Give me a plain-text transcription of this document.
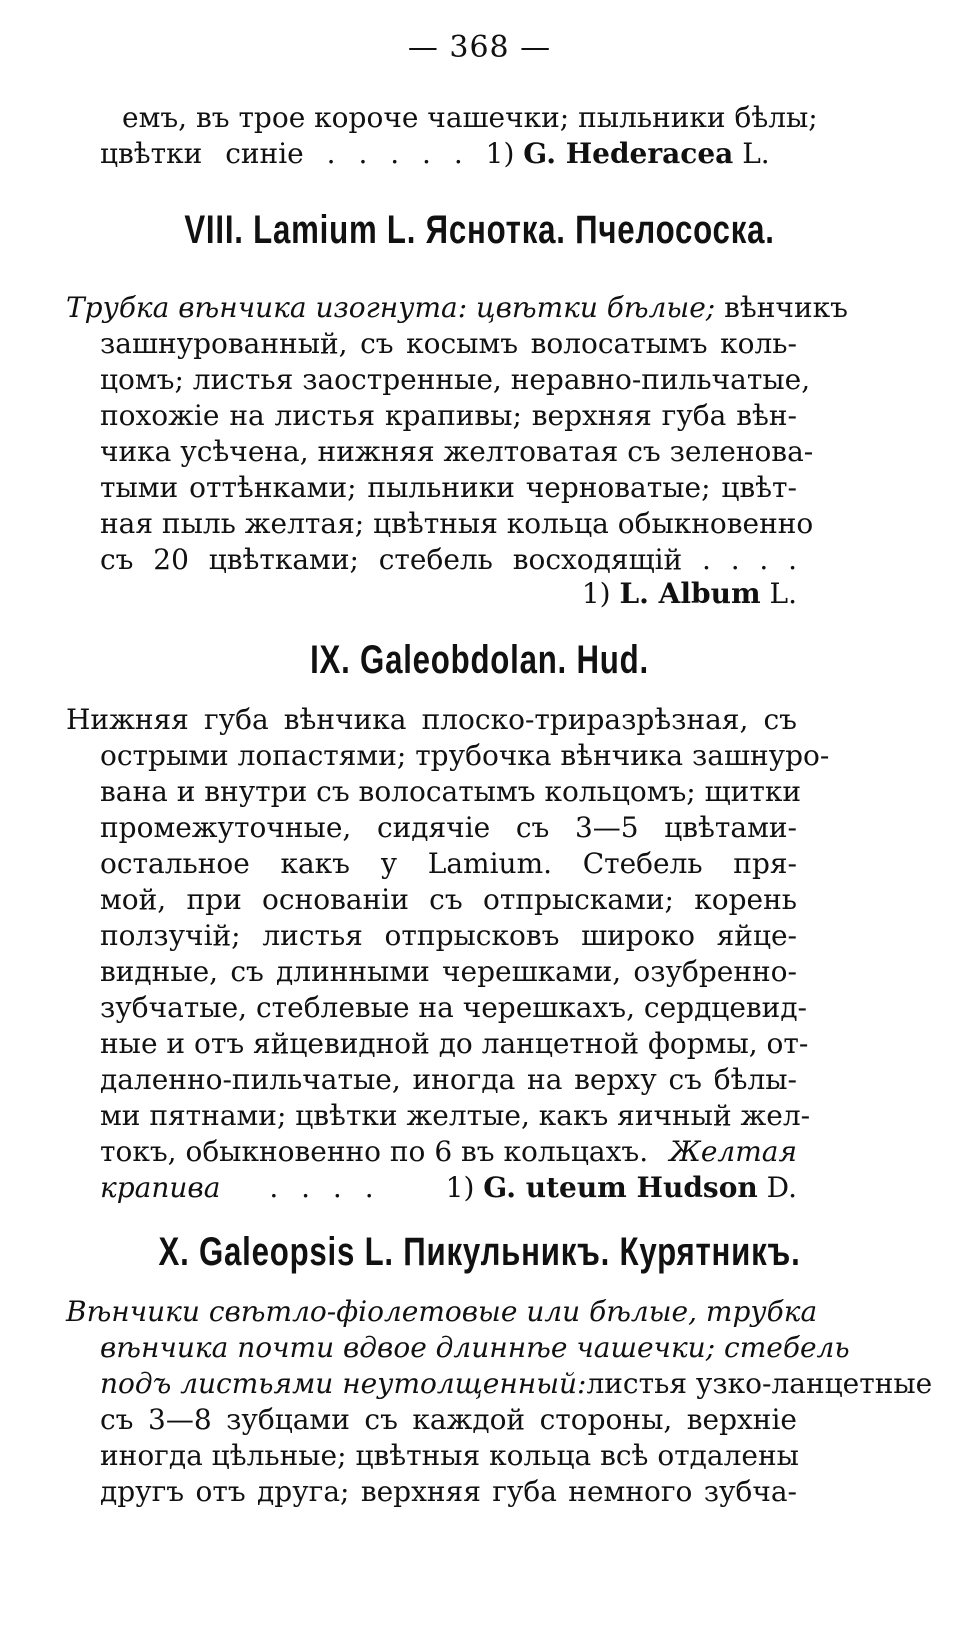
— 368 —
емъ, въ трое короче чашечки; пыльники бѣлы;
цвѣтки синіе . . . . . 1) G. Hederacea L.
VIII. Lamium L. Яснотка. Пчелососка.
Трубка вѣнчика изогнута: цвѣтки бѣлые; вѣнчикъ
зашнурованный, съ косымъ волосатымъ коль-
цомъ; листья заостренные, неравно-пильчатые,
похожіе на листья крапивы; верхняя губа вѣн-
чика усѣчена, нижняя желтоватая съ зеленова-
тыми оттѣнками; пыльники черноватые; цвѣт-
ная пыль желтая; цвѣтныя кольца обыкновенно
съ 20 цвѣтками; стебель восходящій . . . .
1) L. Album L.
IX. Galeobdolan. Hud.
Нижняя губа вѣнчика плоско-триразрѣзная, съ
острыми лопастями; трубочка вѣнчика зашнуро-
вана и внутри съ волосатымъ кольцомъ; щитки
промежуточные, сидячіе съ 3—5 цвѣтами-
остальное какъ у Lamium. Стебель пря-
мой, при основаніи съ отпрысками; корень
ползучій; листья отпрысковъ широко яйце-
видные, съ длинными черешками, озубренно-
зубчатые, стеблевые на черешкахъ, сердцевид-
ные и отъ яйцевидной до ланцетной формы, от-
даленно-пильчатые, иногда на верху съ бѣлы-
ми пятнами; цвѣтки желтые, какъ яичный жел-
токъ, обыкновенно по 6 въ кольцахъ. Желтая
крапива . . . .	1) G. uteum Hudson D.
X. Galeopsis L. Пикульникъ. Курятникъ.
Вѣнчики свѣтло-фіолетовые или бѣлые, трубка
вѣнчика почти вдвое длиннѣе чашечки; стебель
подъ листьями неутолщенный: листья узко-ланцетные
съ 3—8 зубцами съ каждой стороны, верхніе
иногда цѣльные; цвѣтныя кольца всѣ отдалены
другъ отъ друга; верхняя губа немного зубча-
